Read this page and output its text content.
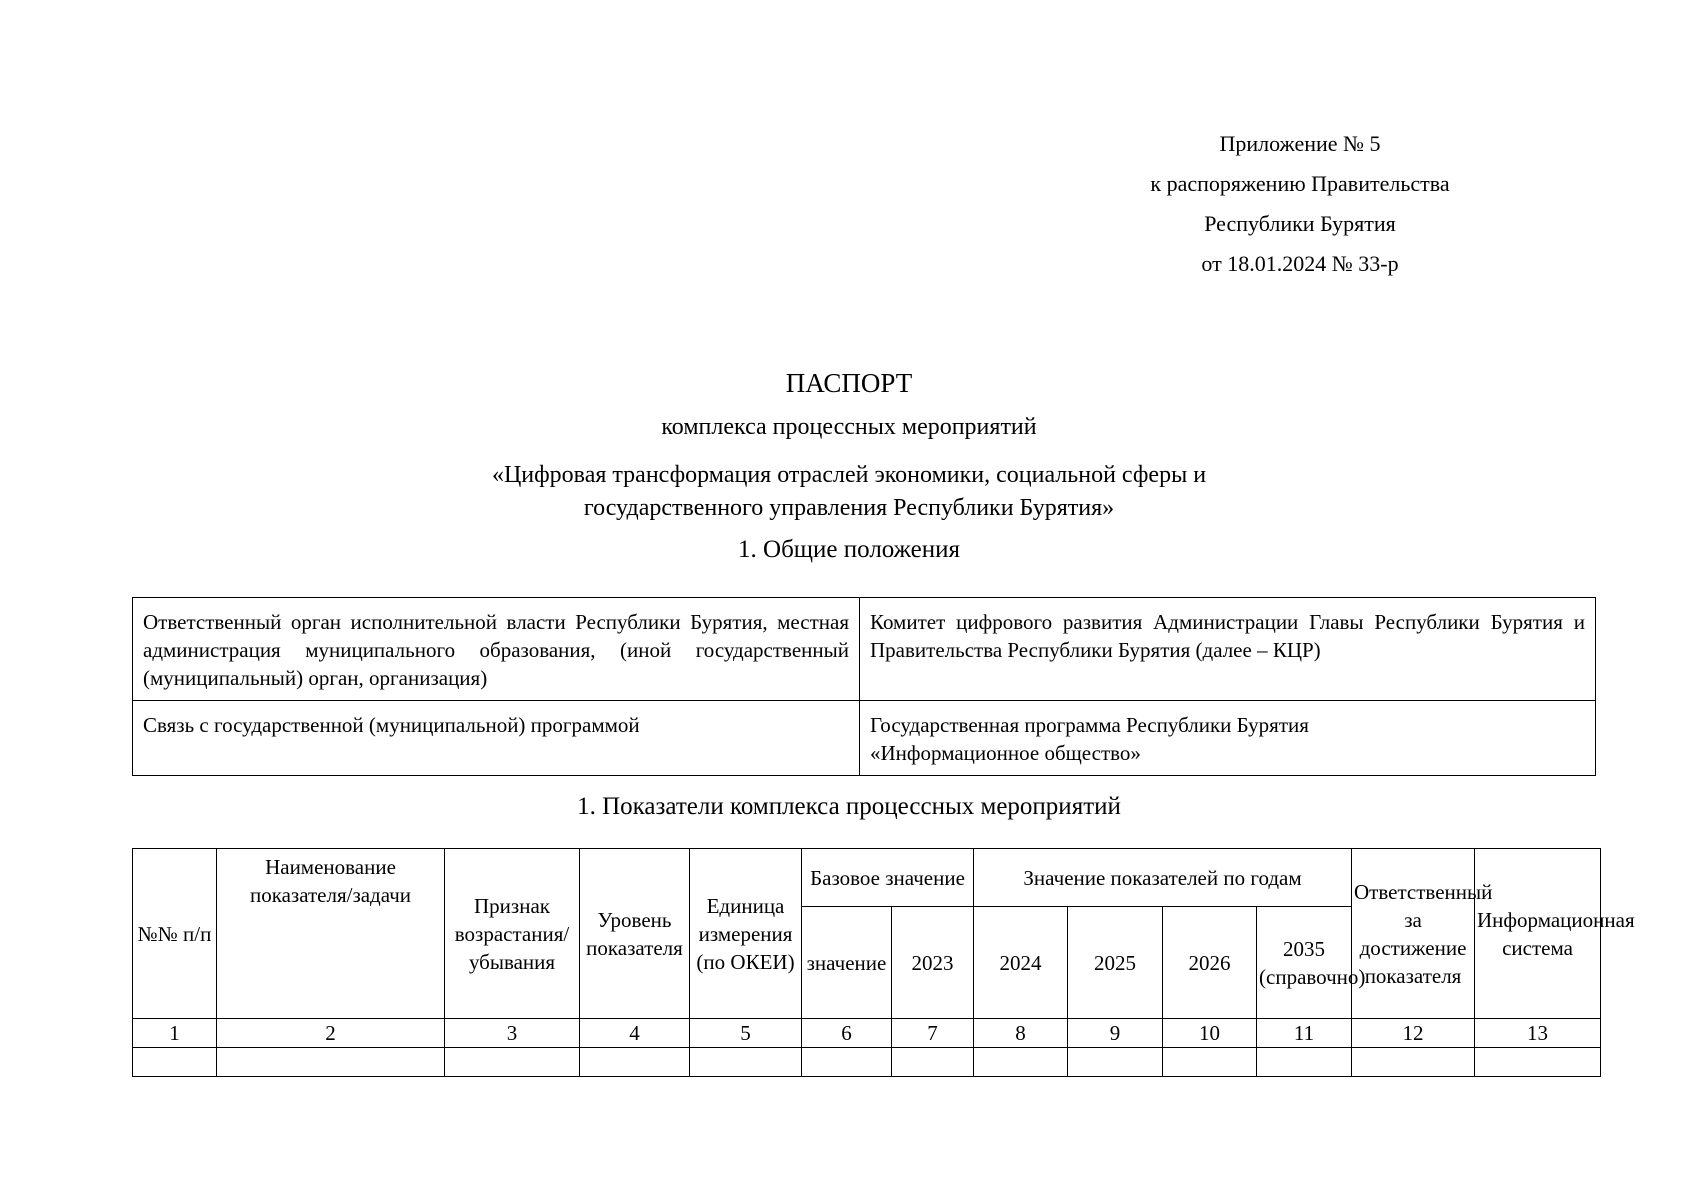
Приложение № 5
к распоряжению Правительства
Республики Бурятия
от 18.01.2024 № 33-р
ПАСПОРТ
комплекса процессных мероприятий
«Цифровая трансформация отраслей экономики, социальной сферы и
государственного управления Республики Бурятия»
1. Общие положения
Ответственный орган исполнительной власти Республики Бурятия, местная администрация муниципального образования, (иной государственный (муниципальный) орган, организация)	Комитет цифрового развития Администрации Главы Республики Бурятия и Правительства Республики Бурятия (далее – КЦР)
Связь с государственной (муниципальной) программой	Государственная программа Республики Бурятия
«Информационное общество»
1. Показатели комплекса процессных мероприятий
№№ п/п	Наименование показателя/задачи	Признак возрастания/ убывания	Уровень показателя	Единица измерения (по ОКЕИ)	Базовое значение		Значение показателей по годам				Ответственный за достижение показателя	Информационная система
					значение	2023	2024	2025	2026	2035 (справочно)		
1	2	3	4	5	6	7	8	9	10	11	12	13
